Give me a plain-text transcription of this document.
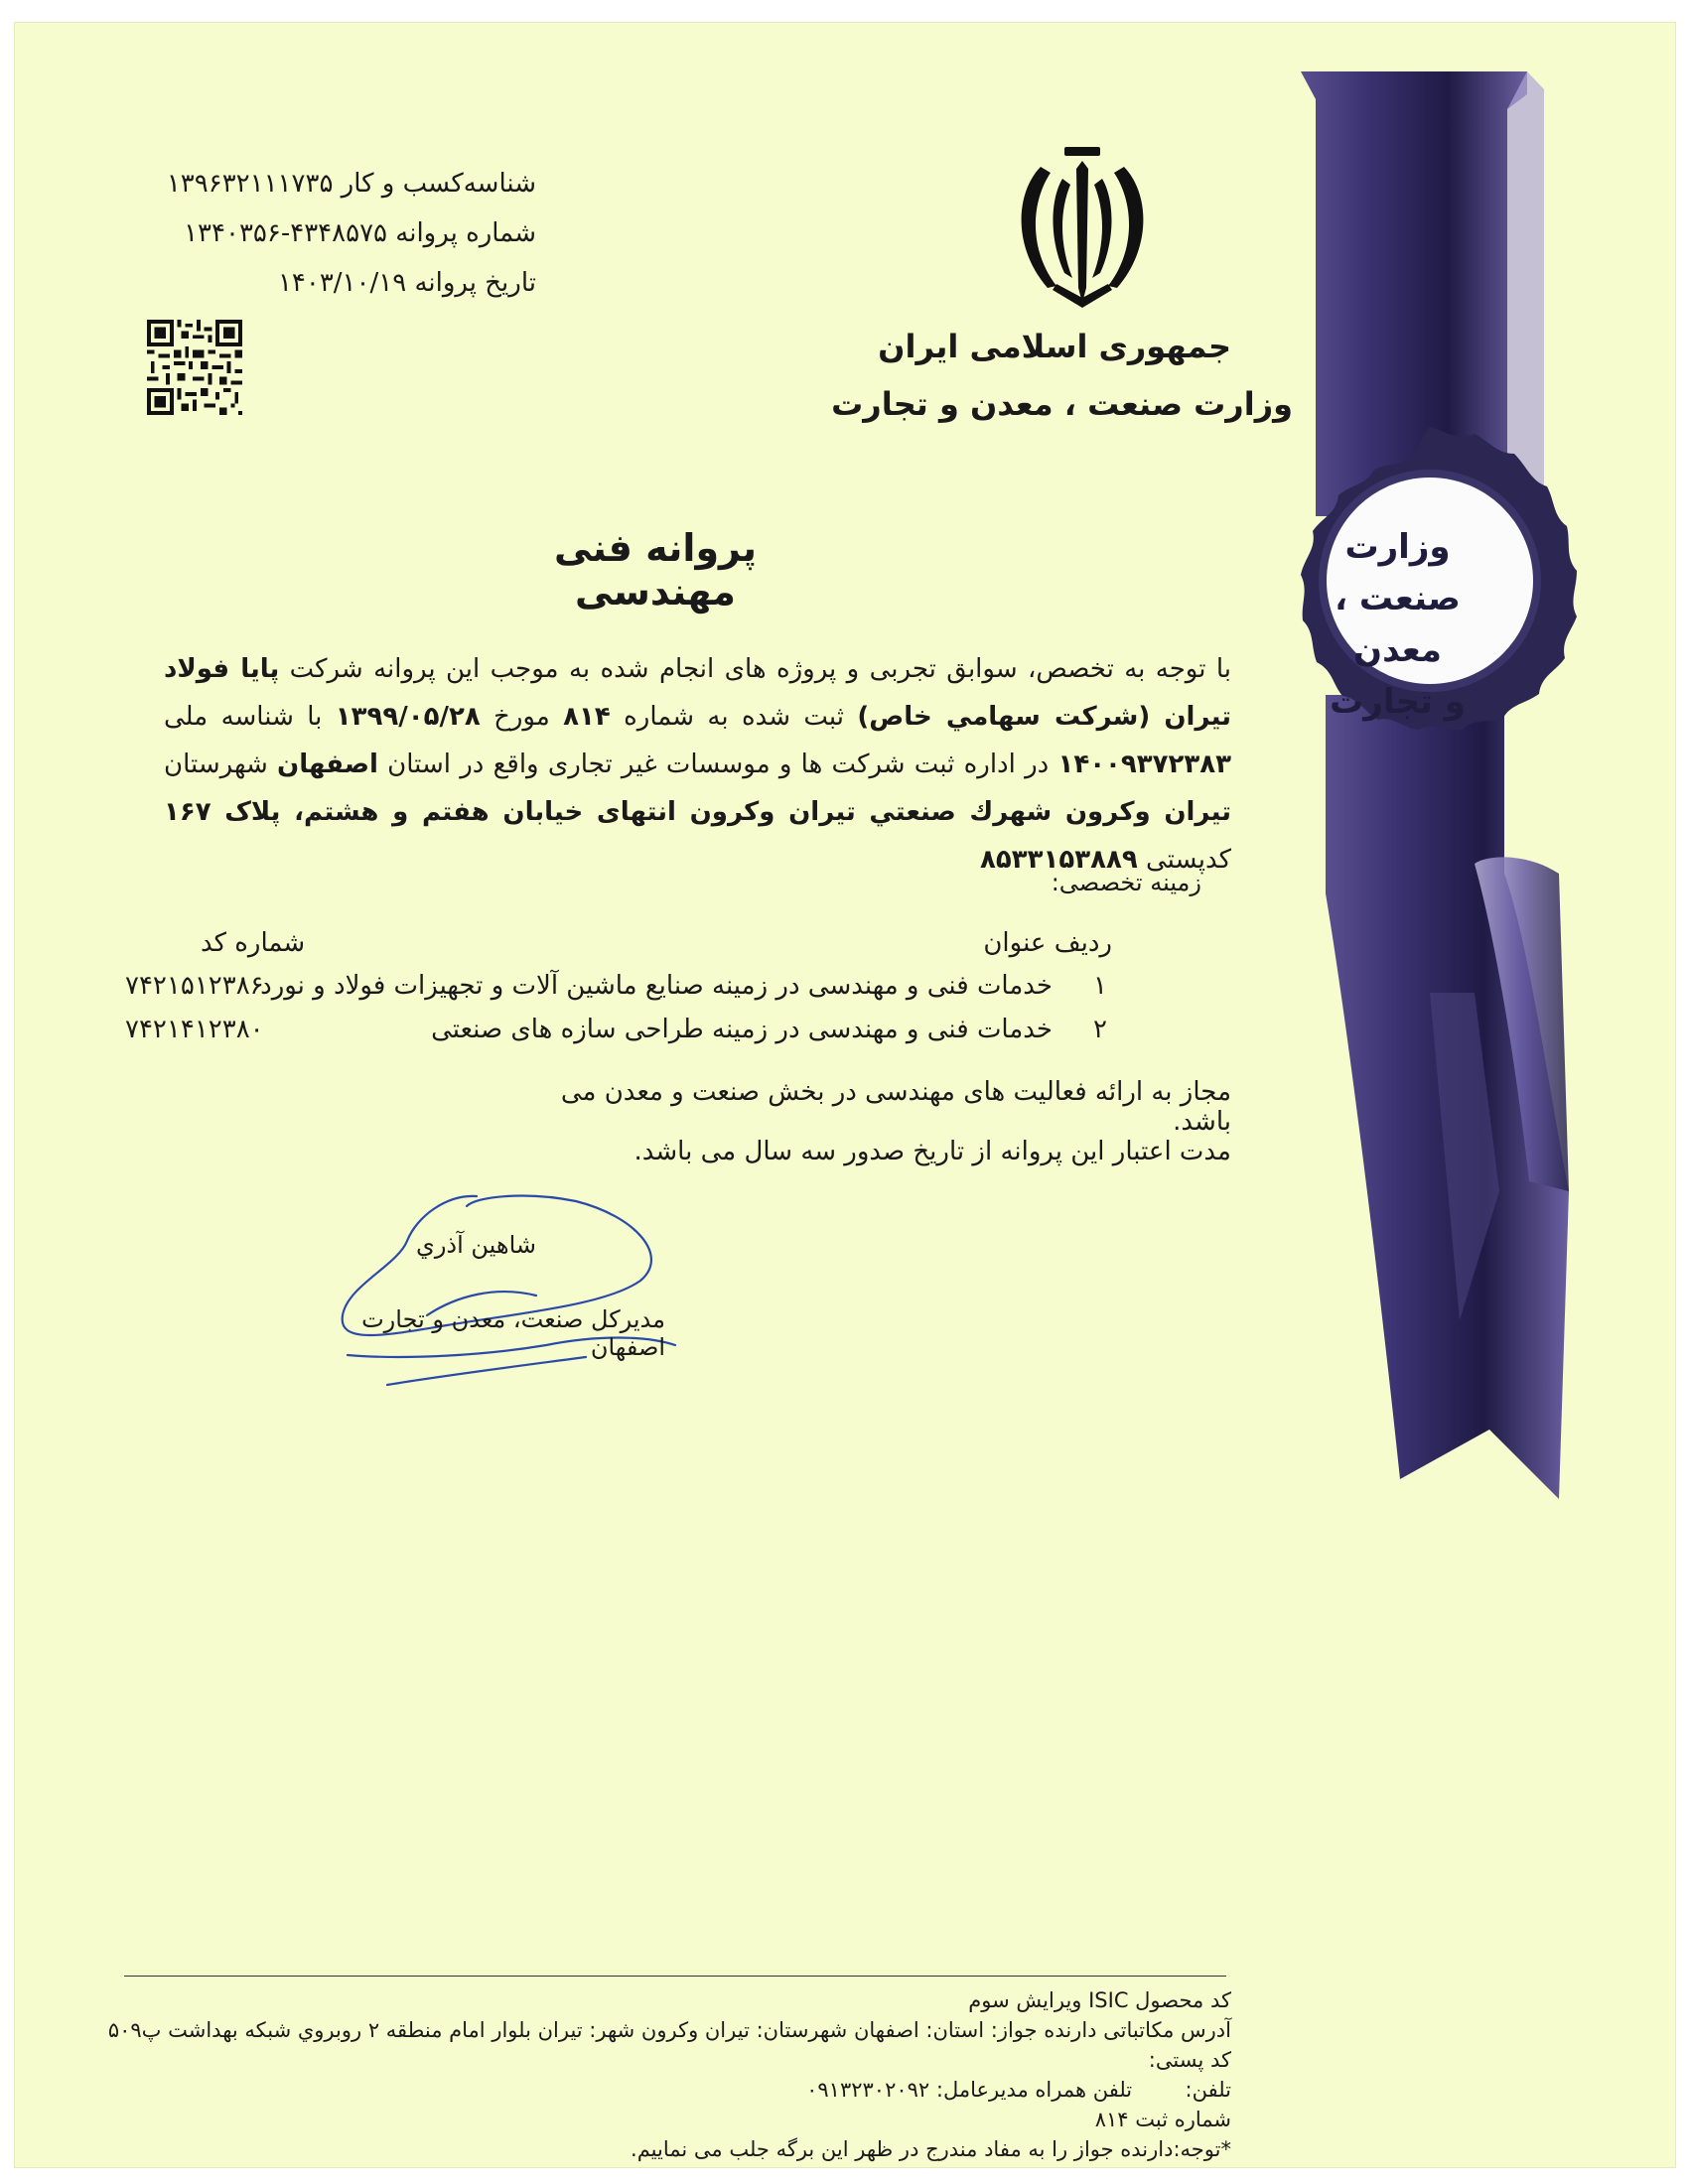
وزارت
صنعت ، معدن
و تجارت
جمهوری اسلامی ایران
وزارت صنعت ، معدن و تجارت
شناسه‌کسب و کار ۱۳۹۶۳۲۱۱۱۷۳۵
شماره پروانه ۴۳۴۸۵۷۵-۱۳۴۰۳۵۶
تاریخ پروانه ۱۴۰۳/۱۰/۱۹
پروانه فنی مهندسی
با توجه به تخصص، سوابق تجربی و پروژه های انجام شده به موجب این پروانه شرکت پایا فولاد تیران (شرکت سهامي خاص) ثبت شده به شماره ۸۱۴ مورخ ۱۳۹۹/۰۵/۲۸ با شناسه ملی ۱۴۰۰۹۳۷۲۳۸۳ در اداره ثبت شرکت ها و موسسات غیر تجاری واقع در استان اصفهان شهرستان تیران وکرون شهرك صنعتي تیران وکرون انتهای خیابان هفتم و هشتم، پلاک ۱۶۷ کدپستی ۸۵۳۳۱۵۳۸۸۹
زمینه تخصصی:
ردیف عنوان
شماره کد
۱
خدمات فنی و مهندسی در زمینه صنایع ماشین آلات و تجهیزات فولاد و نورد
۷۴۲۱۵۱۲۳۸۶
۲
خدمات فنی و مهندسی در زمینه طراحی سازه های صنعتی
۷۴۲۱۴۱۲۳۸۰
مجاز به ارائه فعالیت های مهندسی در بخش صنعت و معدن می باشد.
مدت اعتبار این پروانه از تاریخ صدور سه سال می باشد.
شاهین آذري
مدیرکل صنعت، معدن و تجارت اصفهان
کد محصول ISIC ویرایش سوم
آدرس مکاتباتی دارنده جواز: استان: اصفهان شهرستان: تیران وکرون شهر: تیران بلوار امام منطقه ۲ روبروي شبکه بهداشت پ۵۰۹
کد پستی:
تلفن:  تلفن همراه مدیرعامل: ۰۹۱۳۲۳۰۲۰۹۲
شماره ثبت ۸۱۴
*توجه:دارنده جواز را به مفاد مندرج در ظهر این برگه جلب می نماییم.
